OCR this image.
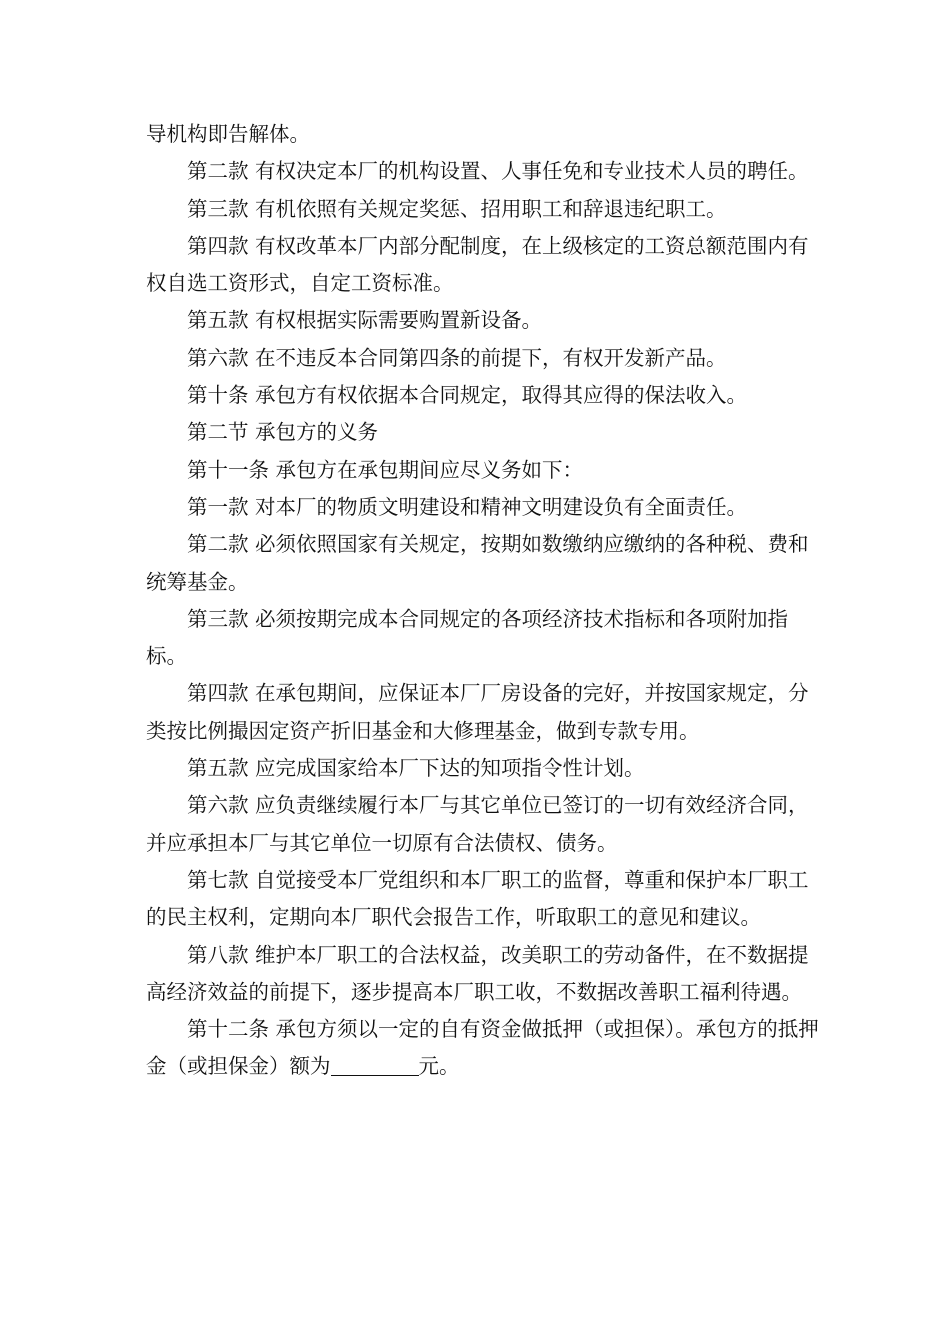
导机构即告解体。

第二款 有权决定本厂的机构设置、人事任免和专业技术人员的聘任。

第三款 有机依照有关规定奖惩、招用职工和辞退违纪职工。

第四款 有权改革本厂内部分配制度，在上级核定的工资总额范围内有权自选工资形式，自定工资标准。

第五款 有权根据实际需要购置新设备。

第六款 在不违反本合同第四条的前提下，有权开发新产品。

第十条 承包方有权依据本合同规定，取得其应得的保法收入。

第二节 承包方的义务

第十一条 承包方在承包期间应尽义务如下：

第一款 对本厂的物质文明建设和精神文明建设负有全面责任。

第二款 必须依照国家有关规定，按期如数缴纳应缴纳的各种税、费和统筹基金。

第三款 必须按期完成本合同规定的各项经济技术指标和各项附加指标。

第四款 在承包期间，应保证本厂厂房设备的完好，并按国家规定，分类按比例撮因定资产折旧基金和大修理基金，做到专款专用。

第五款 应完成国家给本厂下达的知项指令性计划。

第六款 应负责继续履行本厂与其它单位已签订的一切有效经济合同，并应承担本厂与其它单位一切原有合法债权、债务。

第七款 自觉接受本厂党组织和本厂职工的监督，尊重和保护本厂职工的民主权利，定期向本厂职代会报告工作，听取职工的意见和建议。

第八款 维护本厂职工的合法权益，改美职工的劳动备件，在不数据提高经济效益的前提下，逐步提高本厂职工收，不数据改善职工福利待遇。

第十二条 承包方须以一定的自有资金做抵押（或担保）。承包方的抵押金（或担保金）额为	元。
